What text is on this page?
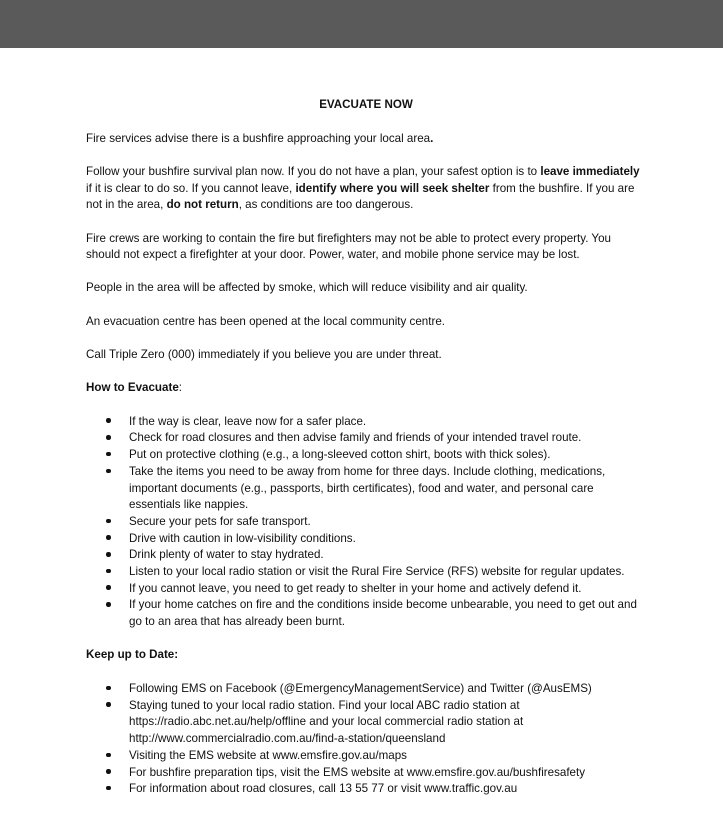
EVACUATE NOW

Fire services advise there is a bushfire approaching your local area.

Follow your bushfire survival plan now. If you do not have a plan, your safest option is to leave immediately if it is clear to do so. If you cannot leave, identify where you will seek shelter from the bushfire. If you are not in the area, do not return, as conditions are too dangerous.

Fire crews are working to contain the fire but firefighters may not be able to protect every property. You should not expect a firefighter at your door. Power, water, and mobile phone service may be lost.

People in the area will be affected by smoke, which will reduce visibility and air quality.

An evacuation centre has been opened at the local community centre.

Call Triple Zero (000) immediately if you believe you are under threat.

How to Evacuate:
If the way is clear, leave now for a safer place.
Check for road closures and then advise family and friends of your intended travel route.
Put on protective clothing (e.g., a long-sleeved cotton shirt, boots with thick soles).
Take the items you need to be away from home for three days. Include clothing, medications, important documents (e.g., passports, birth certificates), food and water, and personal care essentials like nappies.
Secure your pets for safe transport.
Drive with caution in low-visibility conditions.
Drink plenty of water to stay hydrated.
Listen to your local radio station or visit the Rural Fire Service (RFS) website for regular updates.
If you cannot leave, you need to get ready to shelter in your home and actively defend it.
If your home catches on fire and the conditions inside become unbearable, you need to get out and go to an area that has already been burnt.
Keep up to Date:
Following EMS on Facebook (@EmergencyManagementService) and Twitter (@AusEMS)
Staying tuned to your local radio station. Find your local ABC radio station at https://radio.abc.net.au/help/offline and your local commercial radio station at http://www.commercialradio.com.au/find-a-station/queensland
Visiting the EMS website at www.emsfire.gov.au/maps
For bushfire preparation tips, visit the EMS website at www.emsfire.gov.au/bushfiresafety
For information about road closures, call 13 55 77 or visit www.traffic.gov.au
